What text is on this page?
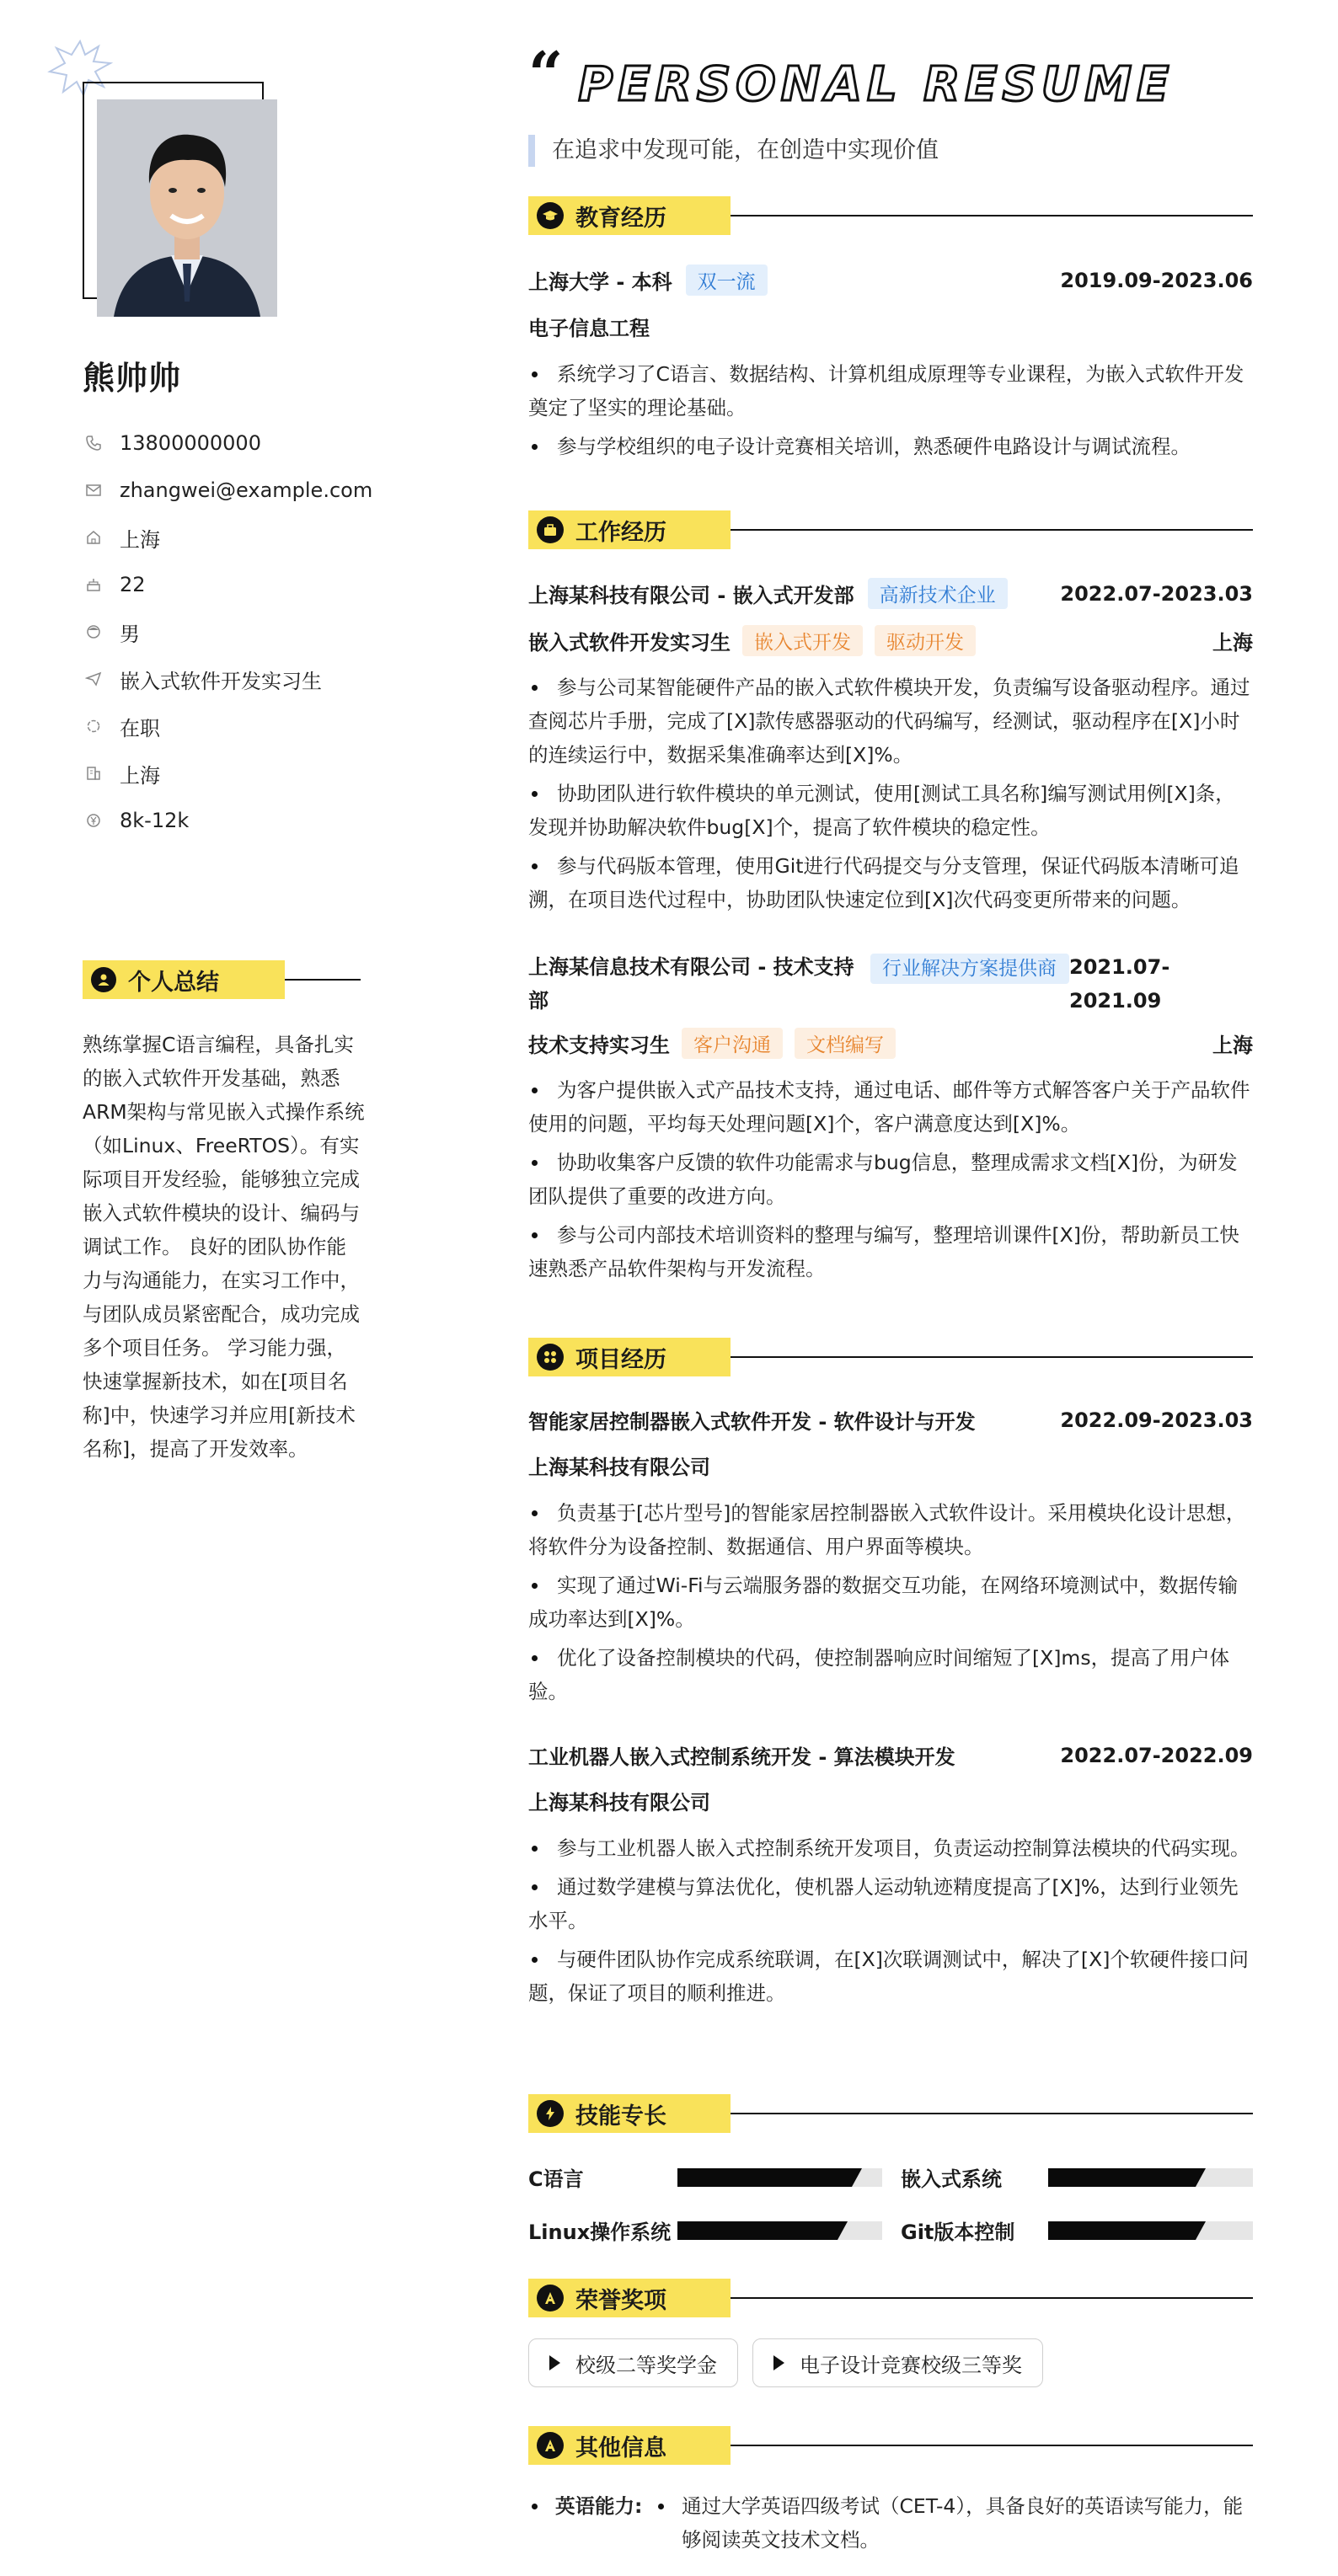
熊帅帅
13800000000
zhangwei@example.com
上海
22
男
嵌入式软件开发实习生
在职
上海
8k-12k
个人总结
熟练掌握C语言编程，具备扎实的嵌入式软件开发基础，熟悉ARM架构与常见嵌入式操作系统（如Linux、FreeRTOS）。有实际项目开发经验，能够独立完成嵌入式软件模块的设计、编码与调试工作。 良好的团队协作能力与沟通能力，在实习工作中，与团队成员紧密配合，成功完成多个项目任务。 学习能力强，快速掌握新技术，如在[项目名称]中，快速学习并应用[新技术名称]，提高了开发效率。
“ PERSONAL RESUME
在追求中发现可能，在创造中实现价值
教育经历
上海大学 - 本科	双一流	2019.09-2023.06
电子信息工程
系统学习了C语言、数据结构、计算机组成原理等专业课程，为嵌入式软件开发奠定了坚实的理论基础。
参与学校组织的电子设计竞赛相关培训，熟悉硬件电路设计与调试流程。
工作经历
上海某科技有限公司 - 嵌入式开发部	高新技术企业	2022.07-2023.03
嵌入式软件开发实习生	嵌入式开发	驱动开发	上海
参与公司某智能硬件产品的嵌入式软件模块开发，负责编写设备驱动程序。通过查阅芯片手册，完成了[X]款传感器驱动的代码编写，经测试，驱动程序在[X]小时的连续运行中，数据采集准确率达到[X]%。
协助团队进行软件模块的单元测试，使用[测试工具名称]编写测试用例[X]条，发现并协助解决软件bug[X]个，提高了软件模块的稳定性。
参与代码版本管理，使用Git进行代码提交与分支管理，保证代码版本清晰可追溯，在项目迭代过程中，协助团队快速定位到[X]次代码变更所带来的问题。
上海某信息技术有限公司 - 技术支持部
行业解决方案提供商 2021.07-2021.09
技术支持实习生	客户沟通	文档编写	上海
为客户提供嵌入式产品技术支持，通过电话、邮件等方式解答客户关于产品软件使用的问题，平均每天处理问题[X]个，客户满意度达到[X]%。
协助收集客户反馈的软件功能需求与bug信息，整理成需求文档[X]份，为研发团队提供了重要的改进方向。
参与公司内部技术培训资料的整理与编写，整理培训课件[X]份，帮助新员工快速熟悉产品软件架构与开发流程。
项目经历
智能家居控制器嵌入式软件开发 - 软件设计与开发	2022.09-2023.03
上海某科技有限公司
负责基于[芯片型号]的智能家居控制器嵌入式软件设计。采用模块化设计思想，将软件分为设备控制、数据通信、用户界面等模块。
实现了通过Wi-Fi与云端服务器的数据交互功能，在网络环境测试中，数据传输成功率达到[X]%。
优化了设备控制模块的代码，使控制器响应时间缩短了[X]ms，提高了用户体验。
工业机器人嵌入式控制系统开发 - 算法模块开发	2022.07-2022.09
上海某科技有限公司
参与工业机器人嵌入式控制系统开发项目，负责运动控制算法模块的代码实现。
通过数学建模与算法优化，使机器人运动轨迹精度提高了[X]%，达到行业领先水平。
与硬件团队协作完成系统联调，在[X]次联调测试中，解决了[X]个软硬件接口问题，保证了项目的顺利推进。
技能专长
C语言	嵌入式系统
Linux操作系统	Git版本控制
荣誉奖项
校级二等奖学金	电子设计竞赛校级三等奖
其他信息
英语能力:	通过大学英语四级考试（CET-4），具备良好的英语读写能力，能够阅读英文技术文档。
